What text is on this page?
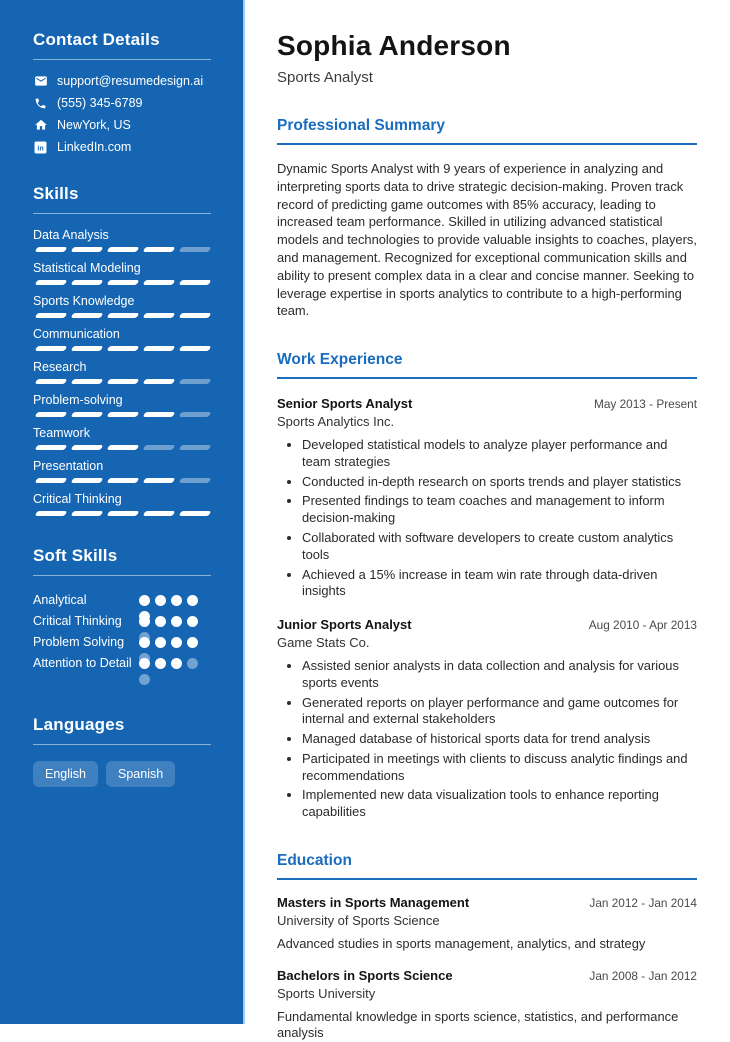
Contact Details
support@resumedesign.ai
(555) 345-6789
NewYork, US
in LinkedIn.com
Skills
Data Analysis
Statistical Modeling
Sports Knowledge
Communication
Research
Problem-solving
Teamwork
Presentation
Critical Thinking
Soft Skills
Analytical
Critical Thinking
Problem Solving
Attention to Detail
Languages
English	Spanish
Sophia Anderson
Sports Analyst
Professional Summary

Dynamic Sports Analyst with 9 years of experience in analyzing and interpreting sports data to drive strategic decision-making. Proven track record of predicting game outcomes with 85% accuracy, leading to increased team performance. Skilled in utilizing advanced statistical models and technologies to provide valuable insights to coaches, players, and management. Recognized for exceptional communication skills and ability to present complex data in a clear and concise manner. Seeking to leverage expertise in sports analytics to contribute to a high-performing team.

Work Experience
Senior Sports Analyst	May 2013 - Present
Sports Analytics Inc.
• Developed statistical models to analyze player performance and team strategies
• Conducted in-depth research on sports trends and player statistics
• Presented findings to team coaches and management to inform decision-making
• Collaborated with software developers to create custom analytics tools
• Achieved a 15% increase in team win rate through data-driven insights
Junior Sports Analyst	Aug 2010 - Apr 2013
Game Stats Co.
• Assisted senior analysts in data collection and analysis for various sports events
• Generated reports on player performance and game outcomes for internal and external stakeholders
• Managed database of historical sports data for trend analysis
• Participated in meetings with clients to discuss analytic findings and recommendations
• Implemented new data visualization tools to enhance reporting capabilities
Education
Masters in Sports Management	Jan 2012 - Jan 2014
University of Sports Science
Advanced studies in sports management, analytics, and strategy
Bachelors in Sports Science	Jan 2008 - Jan 2012
Sports University
Fundamental knowledge in sports science, statistics, and performance analysis
